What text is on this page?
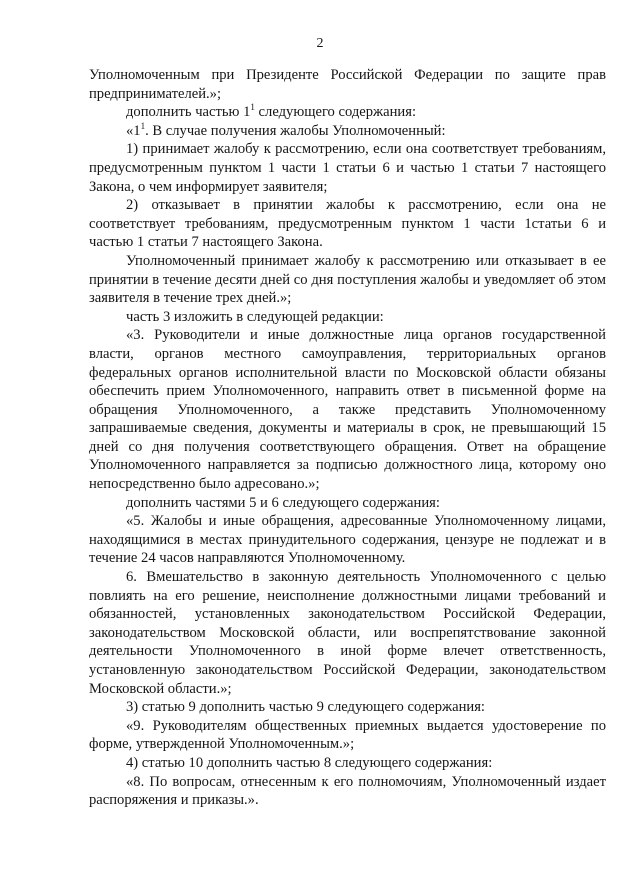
2

Уполномоченным при Президенте Российской Федерации по защите прав предпринимателей.»;

дополнить частью $1^1$ следующего содержания:

«$1^1$. В случае получения жалобы Уполномоченный:

1) принимает жалобу к рассмотрению, если она соответствует требованиям, предусмотренным пунктом 1 части 1 статьи 6 и частью 1 статьи 7 настоящего Закона, о чем информирует заявителя;

2) отказывает в принятии жалобы к рассмотрению, если она не соответствует требованиям, предусмотренным пунктом 1 части 1статьи 6 и частью 1 статьи 7 настоящего Закона.

Уполномоченный принимает жалобу к рассмотрению или отказывает в ее принятии в течение десяти дней со дня поступления жалобы и уведомляет об этом заявителя в течение трех дней.»;

часть 3 изложить в следующей редакции:

«3. Руководители и иные должностные лица органов государственной власти, органов местного самоуправления, территориальных органов федеральных органов исполнительной власти по Московской области обязаны обеспечить прием Уполномоченного, направить ответ в письменной форме на обращения Уполномоченного, а также представить Уполномоченному запрашиваемые сведения, документы и материалы в срок, не превышающий 15 дней со дня получения соответствующего обращения. Ответ на обращение Уполномоченного направляется за подписью должностного лица, которому оно непосредственно было адресовано.»;

дополнить частями 5 и 6 следующего содержания:

«5. Жалобы и иные обращения, адресованные Уполномоченному лицами, находящимися в местах принудительного содержания, цензуре не подлежат и в течение 24 часов направляются Уполномоченному.

6. Вмешательство в законную деятельность Уполномоченного с целью повлиять на его решение, неисполнение должностными лицами требований и обязанностей, установленных законодательством Российской Федерации, законодательством Московской области, или воспрепятствование законной деятельности Уполномоченного в иной форме влечет ответственность, установленную законодательством Российской Федерации, законодательством Московской области.»;

3) статью 9 дополнить частью 9 следующего содержания:

«9. Руководителям общественных приемных выдается удостоверение по форме, утвержденной Уполномоченным.»;

4) статью 10 дополнить частью 8 следующего содержания:

«8. По вопросам, отнесенным к его полномочиям, Уполномоченный издает распоряжения и приказы.».
